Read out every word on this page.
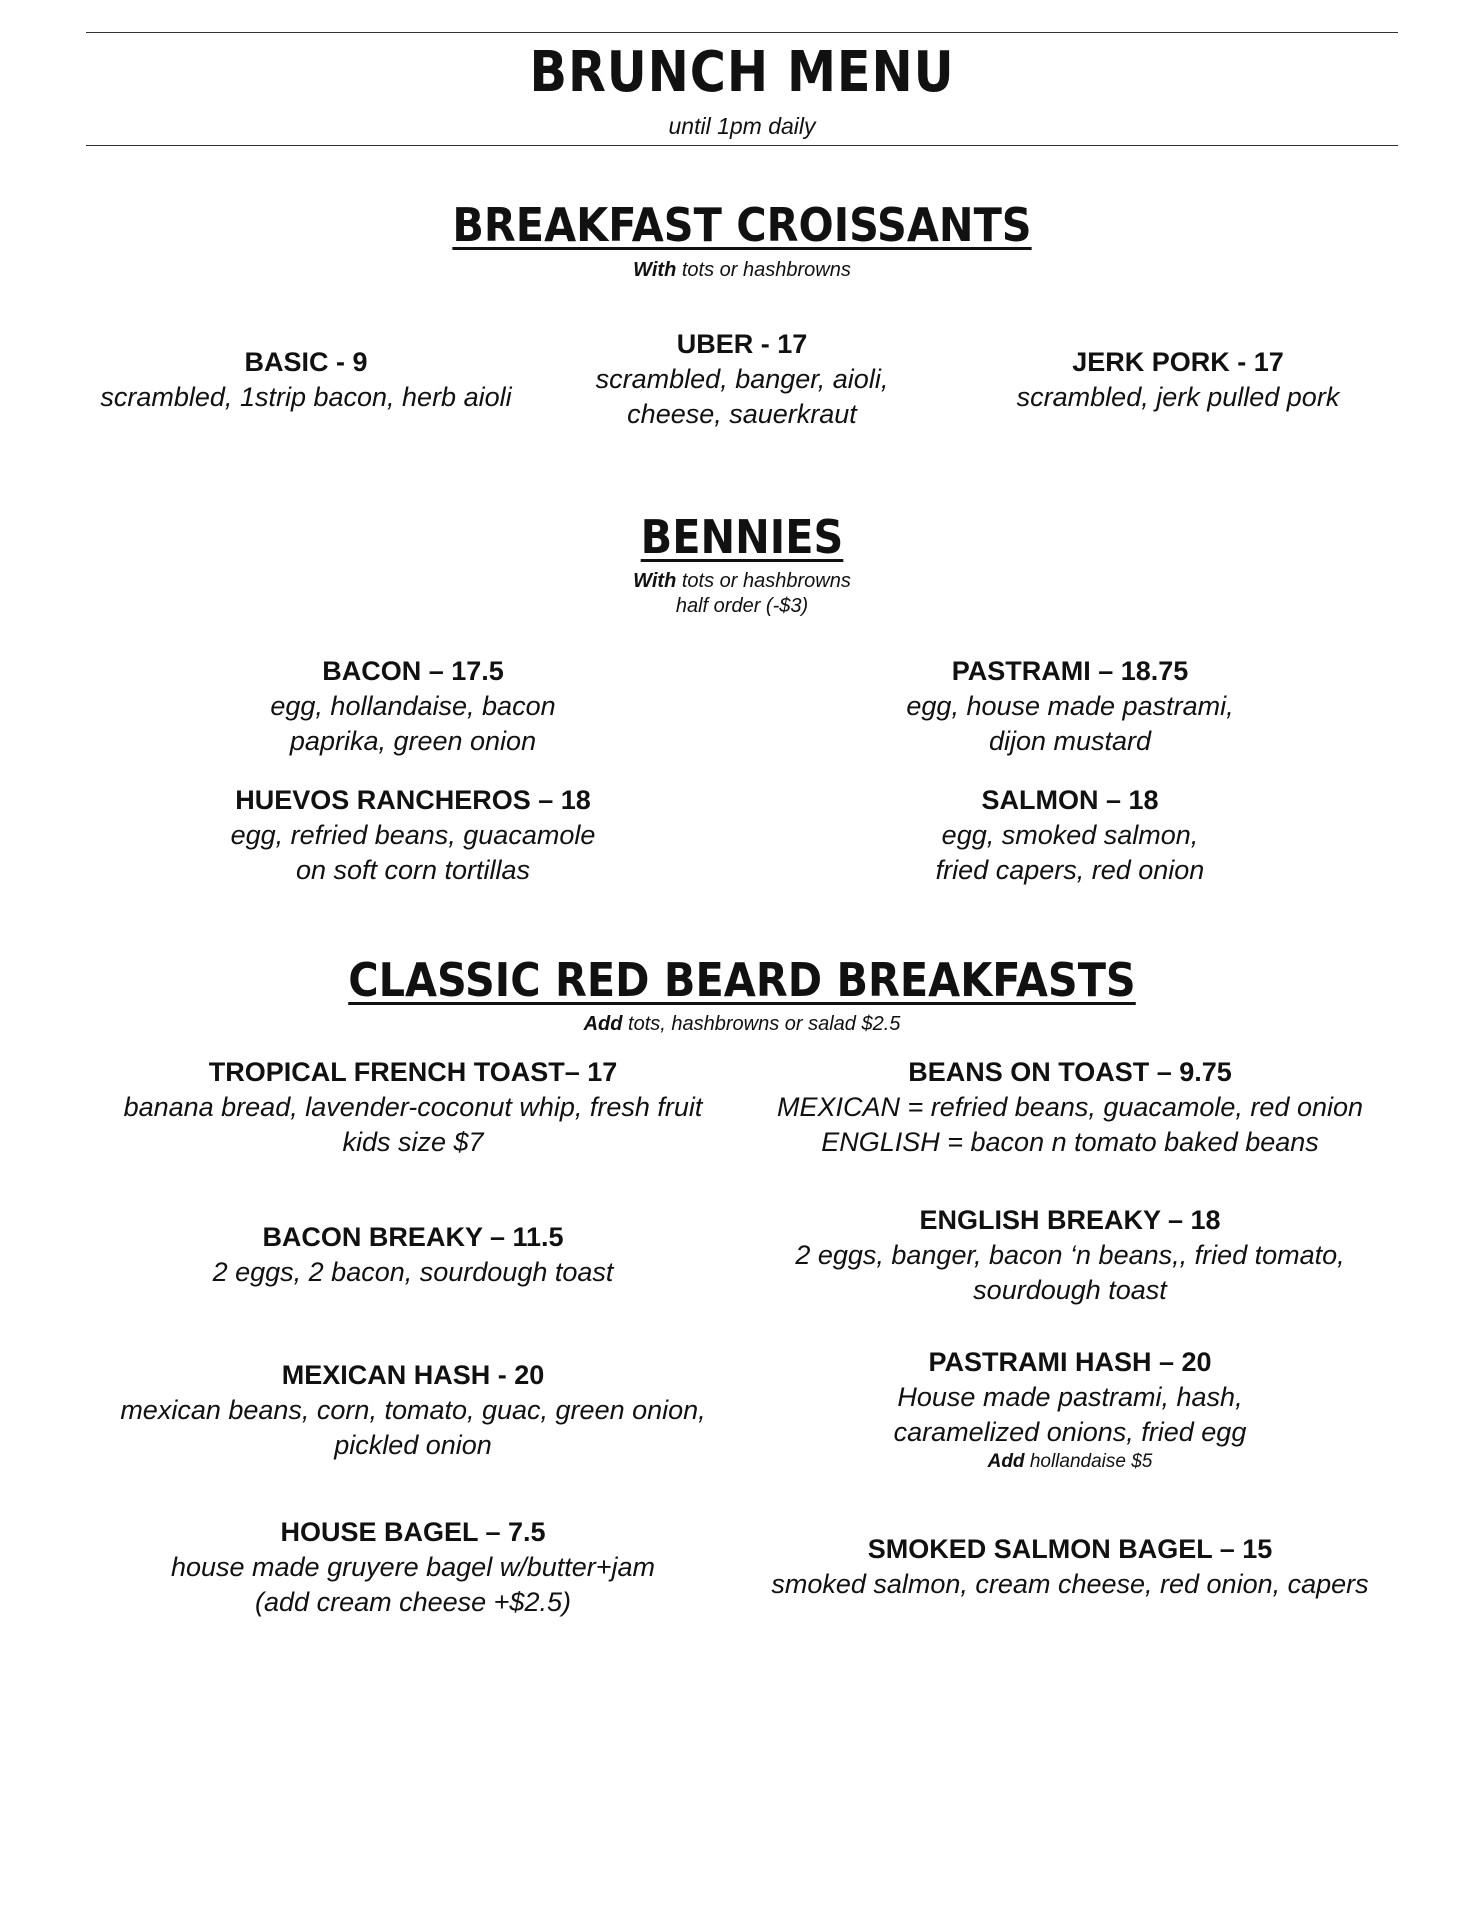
BRUNCH MENU
until 1pm daily
BREAKFAST CROISSANTS
With tots or hashbrowns
BASIC - 9
scrambled, 1strip bacon, herb aioli
UBER - 17
scrambled, banger, aioli,
cheese, sauerkraut
JERK PORK - 17
scrambled, jerk pulled pork
BENNIES
With tots or hashbrowns
half order (-$3)
BACON – 17.5
egg, hollandaise, bacon
paprika, green onion
PASTRAMI – 18.75
egg, house made pastrami,
dijon mustard
HUEVOS RANCHEROS – 18
egg, refried beans, guacamole
on soft corn tortillas
SALMON – 18
egg, smoked salmon,
fried capers, red onion
CLASSIC RED BEARD BREAKFASTS
Add tots, hashbrowns or salad $2.5
TROPICAL FRENCH TOAST– 17
banana bread, lavender-coconut whip, fresh fruit
kids size $7
BEANS ON TOAST – 9.75
MEXICAN = refried beans, guacamole, red onion
ENGLISH = bacon n tomato baked beans
BACON BREAKY – 11.5
2 eggs, 2 bacon, sourdough toast
ENGLISH BREAKY – 18
2 eggs, banger, bacon ‘n beans,, fried tomato,
sourdough toast
MEXICAN HASH - 20
mexican beans, corn, tomato, guac, green onion,
pickled onion
PASTRAMI HASH – 20
House made pastrami, hash,
caramelized onions, fried egg
Add hollandaise $5
HOUSE BAGEL – 7.5
house made gruyere bagel w/butter+jam
(add cream cheese +$2.5)
SMOKED SALMON BAGEL – 15
smoked salmon, cream cheese, red onion, capers
